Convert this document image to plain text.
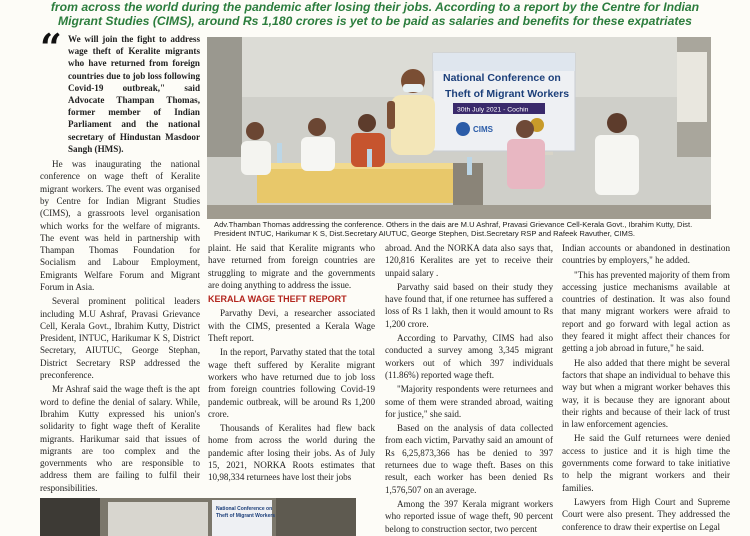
from across the world during the pandemic after losing their jobs. According to a report by the Centre for Indian
Migrant Studies (CIMS), around Rs 1,180 crores is yet to be paid as salaries and benefits for these expatriates
“ We will join the fight to address wage theft of Keralite migrants who have returned from foreign countries due to job loss following Covid-19 outbreak," said Advocate Thampan Thomas, former member of Indian Parliament and the national secretary of Hindustan Masdoor Sangh (HMS).

He was inaugurating the national conference on wage theft of Keralite migrant workers. The event was organised by Centre for Indian Migrant Studies (CIMS), a grassroots level organisation which works for the welfare of migrants. The event was held in partnership with Thampan Thomas Foundation for Socialism and Labour Employment, Emigrants Welfare Forum and Migrant Forum in Asia.

Several prominent political leaders including M.U Ashraf, Pravasi Grievance Cell, Kerala Govt., Ibrahim Kutty, District President, INTUC, Harikumar K S, District Secretary, AIUTUC, George Stephan, District Secretary RSP addressed the preconference.

Mr Ashraf said the wage theft is the apt word to define the denial of salary. While, Ibrahim Kutty expressed his union's solidarity to fight wage theft of Keralite migrants. Harikumar said that issues of migrants are too complex and the governments who are responsible to address them are failing to fulfil their responsibilities.

National Conference on
Theft of Migrant Workers
30th July 2021 - Cochin
CIMS
Adv.Thamban Thomas addressing the conference. Others in the dais are M.U Ashraf, Pravasi Grievance Cell-Kerala Govt., Ibrahim Kutty, Dist. President INTUC, Harikumar K S, Dist.Secretary AIUTUC, George Stephen, Dist.Secretary RSP and Rafeek Ravuther, CIMS.

plaint. He said that Keralite migrants who have returned from foreign countries are struggling to migrate and the governments are doing anything to address the issue.

KERALA WAGE THEFT REPORT

Parvathy Devi, a researcher associated with the CIMS, presented a Kerala Wage Theft report.

In the report, Parvathy stated that the total wage theft suffered by Keralite migrant workers who have returned due to job loss from foreign countries following Covid-19 pandemic outbreak, will be around Rs 1,200 crore.

Thousands of Keralites had flew back home from across the world during the pandemic after losing their jobs. As of July 15, 2021, NORKA Roots estimates that 10,98,334 returnees have lost their jobs

abroad. And the NORKA data also says that, 120,816 Keralites are yet to receive their unpaid salary .

Parvathy said based on their study they have found that, if one returnee has suffered a loss of Rs 1 lakh, then it would amount to Rs 1,200 crore.

According to Parvathy, CIMS had also conducted a survey among 3,345 migrant workers out of which 397 individuals (11.86%) reported wage theft.

"Majority respondents were returnees and some of them were stranded abroad, waiting for justice," she said.

Based on the analysis of data collected from each victim, Parvathy said an amount of Rs 6,25,873,366 has be denied to 397 returnees due to wage theft. Bases on this result, each worker has been denied Rs 1,576,507 on an average.

Among the 397 Kerala migrant workers who reported issue of wage theft, 90 percent belong to construction sector, two percent

Indian accounts or abandoned in destination countries by employers," he added.

"This has prevented majority of them from accessing justice mechanisms available at countries of destination. It was also found that many migrant workers were afraid to report and go forward with legal action as they feared it might affect their chances for getting a job abroad in future," he said.

He also added that there might be several factors that shape an individual to behave this way but when a migrant worker behaves this way, it is because they are ignorant about their rights and because of their lack of trust in law enforcement agencies.

He said the Gulf returnees were denied access to justice and it is high time the governments come forward to take initiative to help the migrant workers and their families.

Lawyers from High Court and Supreme Court were also present. They addressed the conference to draw their expertise on Legal

National Conference on
Theft of Migrant Workers
